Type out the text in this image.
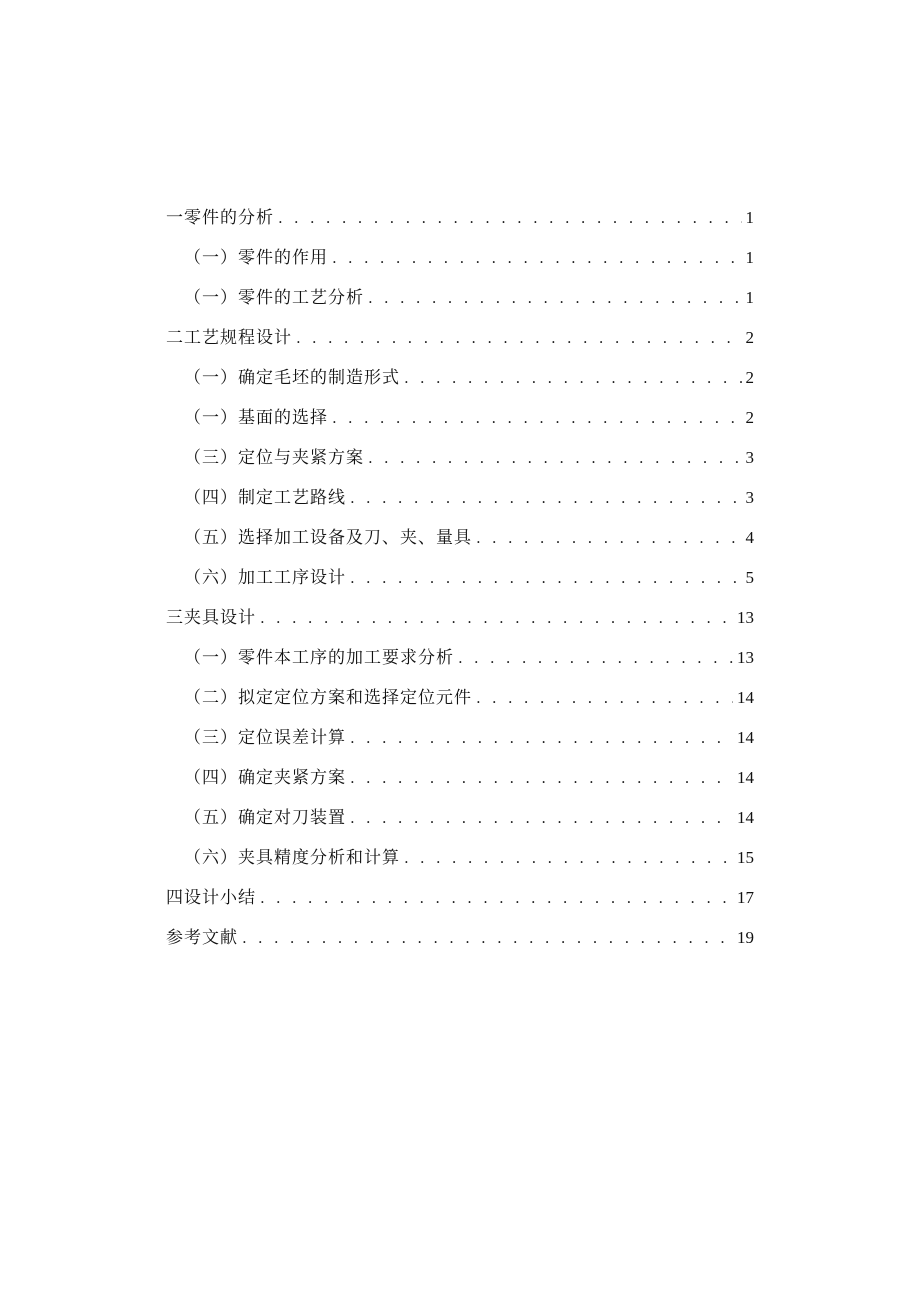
一零件的分析 . . .	1
（一）零件的作用 . . .	1
（一）零件的工艺分析 . . .	1
二工艺规程设计 . . .	2
（一）确定毛坯的制造形式 . . .	2
（一）基面的选择 . . .	2
（三）定位与夹紧方案 . . .	3
（四）制定工艺路线 . . .	3
（五）选择加工设备及刀、夹、量具 . . .	4
（六）加工工序设计 . . .	5
三夹具设计 . . .	13
（一）零件本工序的加工要求分析 . . .	13
（二）拟定定位方案和选择定位元件 . . .	14
（三）定位误差计算 . . .	14
（四）确定夹紧方案 . . .	14
（五）确定对刀装置 . . .	14
（六）夹具精度分析和计算 . . .	15
四设计小结 . . .	17
参考文献 . . .	19
